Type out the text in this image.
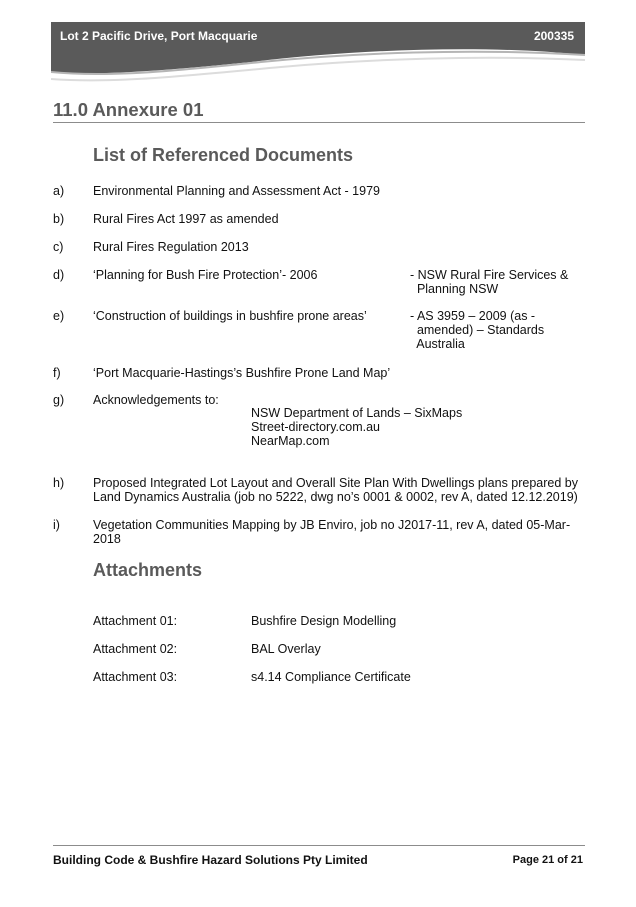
Lot 2 Pacific Drive, Port Macquarie	200335
11.0 Annexure 01
List of Referenced Documents
a) Environmental Planning and Assessment Act - 1979
b) Rural Fires Act 1997 as amended
c) Rural Fires Regulation 2013
d) ‘Planning for Bush Fire Protection’- 2006	- NSW Rural Fire Services &
Planning NSW
e) ‘Construction of buildings in bushfire prone areas’	- AS 3959 – 2009 (as -
amended) – Standards
Australia
f)	‘Port Macquarie-Hastings’s Bushfire Prone Land Map’
g) Acknowledgements to:
NSW Department of Lands – SixMaps
Street-directory.com.au
NearMap.com
h) Proposed Integrated Lot Layout and Overall Site Plan With Dwellings plans prepared by
Land Dynamics Australia (job no 5222, dwg no’s 0001 & 0002, rev A, dated 12.12.2019)
i)	Vegetation Communities Mapping by JB Enviro, job no J2017-11, rev A, dated 05-Mar-
2018
Attachments
Attachment 01:	Bushfire Design Modelling
Attachment 02:	BAL Overlay
Attachment 03:	s4.14 Compliance Certificate
Building Code & Bushfire Hazard Solutions Pty Limited	Page 21 of 21
